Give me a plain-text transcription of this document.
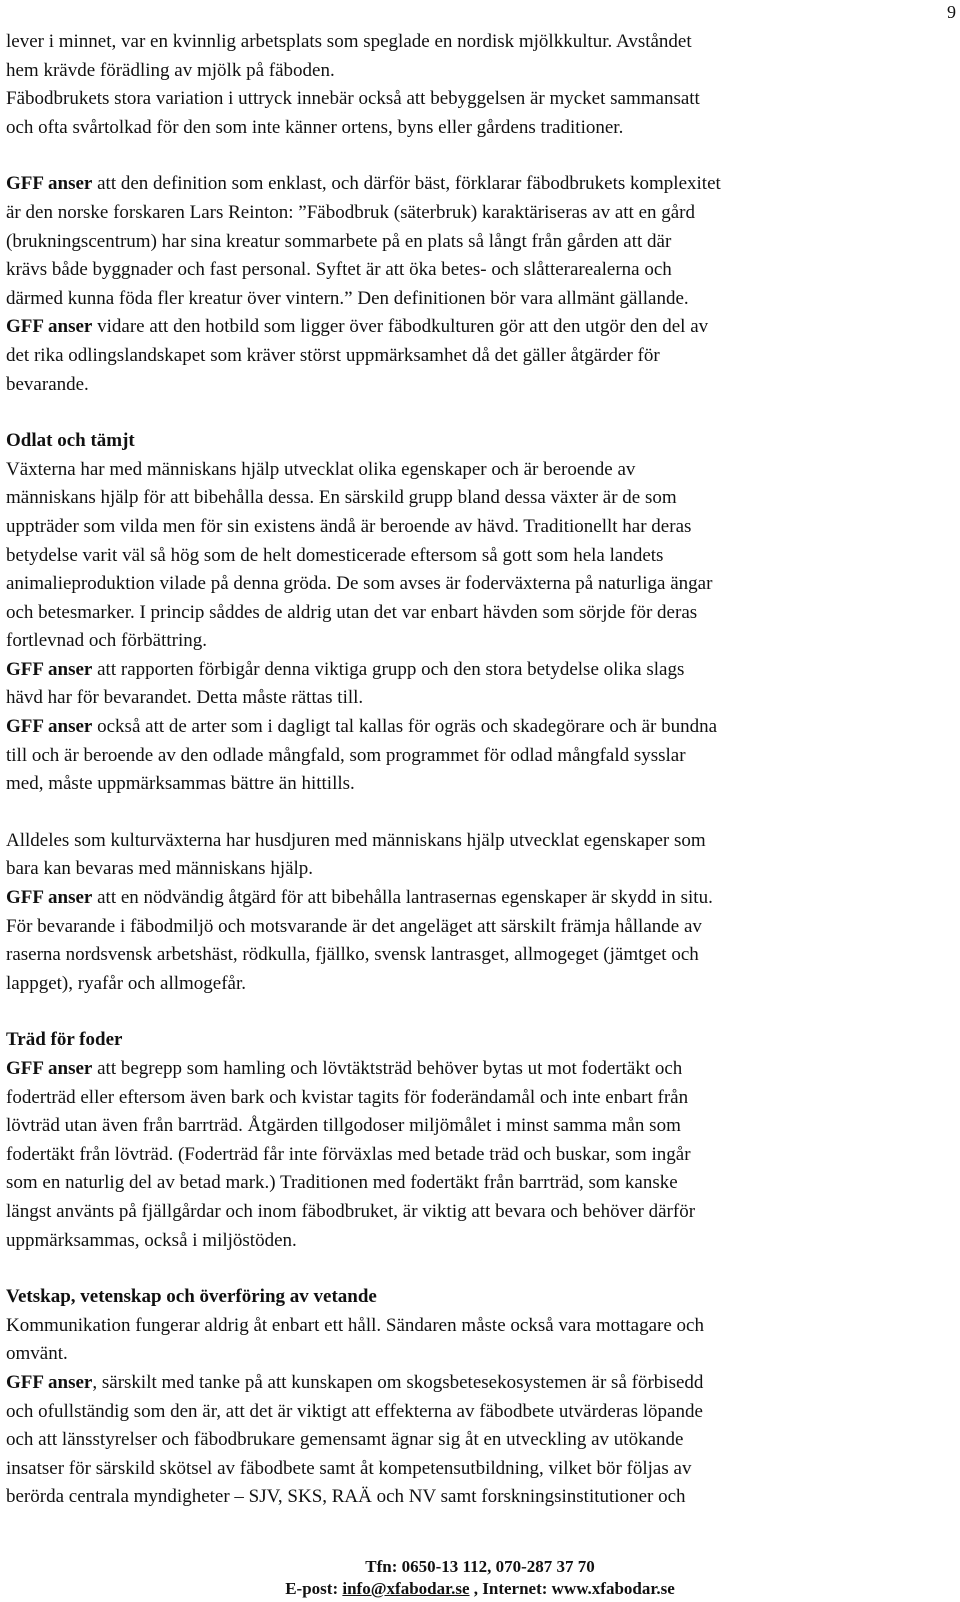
9
lever i minnet, var en kvinnlig arbetsplats som speglade en nordisk mjölkkultur. Avståndet
hem krävde förädling av mjölk på fäboden.
Fäbodbrukets stora variation i uttryck innebär också att bebyggelsen är mycket sammansatt
och ofta svårtolkad för den som inte känner ortens, byns eller gårdens traditioner.
GFF anser att den definition som enklast, och därför bäst, förklarar fäbodbrukets komplexitet
är den norske forskaren Lars Reinton: ”Fäbodbruk (säterbruk) karaktäriseras av att en gård
(brukningscentrum) har sina kreatur sommarbete på en plats så långt från gården att där
krävs både byggnader och fast personal. Syftet är att öka betes- och slåtterarealerna och
därmed kunna föda fler kreatur över vintern.” Den definitionen bör vara allmänt gällande.
GFF anser vidare att den hotbild som ligger över fäbodkulturen gör att den utgör den del av
det rika odlingslandskapet som kräver störst uppmärksamhet då det gäller åtgärder för
bevarande.
Odlat och tämjt
Växterna har med människans hjälp utvecklat olika egenskaper och är beroende av
människans hjälp för att bibehålla dessa. En särskild grupp bland dessa växter är de som
uppträder som vilda men för sin existens ändå är beroende av hävd. Traditionellt har deras
betydelse varit väl så hög som de helt domesticerade eftersom så gott som hela landets
animalieproduktion vilade på denna gröda. De som avses är foderväxterna på naturliga ängar
och betesmarker. I princip såddes de aldrig utan det var enbart hävden som sörjde för deras
fortlevnad och förbättring.
GFF anser att rapporten förbigår denna viktiga grupp och den stora betydelse olika slags
hävd har för bevarandet. Detta måste rättas till.
GFF anser också att de arter som i dagligt tal kallas för ogräs och skadegörare och är bundna
till och är beroende av den odlade mångfald, som programmet för odlad mångfald sysslar
med, måste uppmärksammas bättre än hittills.
Alldeles som kulturväxterna har husdjuren med människans hjälp utvecklat egenskaper som
bara kan bevaras med människans hjälp.
GFF anser att en nödvändig åtgärd för att bibehålla lantrasernas egenskaper är skydd in situ.
För bevarande i fäbodmiljö och motsvarande är det angeläget att särskilt främja hållande av
raserna nordsvensk arbetshäst, rödkulla, fjällko, svensk lantrasget, allmogeget (jämtget och
lappget), ryafår och allmogefår.
Träd för foder
GFF anser att begrepp som hamling och lövtäktsträd behöver bytas ut mot fodertäkt och
foderträd eller eftersom även bark och kvistar tagits för foderändamål och inte enbart från
lövträd utan även från barrträd. Åtgärden tillgodoser miljömålet i minst samma mån som
fodertäkt från lövträd. (Foderträd får inte förväxlas med betade träd och buskar, som ingår
som en naturlig del av betad mark.) Traditionen med fodertäkt från barrträd, som kanske
längst använts på fjällgårdar och inom fäbodbruket, är viktig att bevara och behöver därför
uppmärksammas, också i miljöstöden.
Vetskap, vetenskap och överföring av vetande
Kommunikation fungerar aldrig åt enbart ett håll. Sändaren måste också vara mottagare och
omvänt.
GFF anser, särskilt med tanke på att kunskapen om skogsbetesekosystemen är så förbisedd
och ofullständig som den är, att det är viktigt att effekterna av fäbodbete utvärderas löpande
och att länsstyrelser och fäbodbrukare gemensamt ägnar sig åt en utveckling av utökande
insatser för särskild skötsel av fäbodbete samt åt kompetensutbildning, vilket bör följas av
berörda centrala myndigheter – SJV, SKS, RAÄ och NV samt forskningsinstitutioner och
Tfn: 0650-13 112, 070-287 37 70
E-post: info@xfabodar.se , Internet: www.xfabodar.se
